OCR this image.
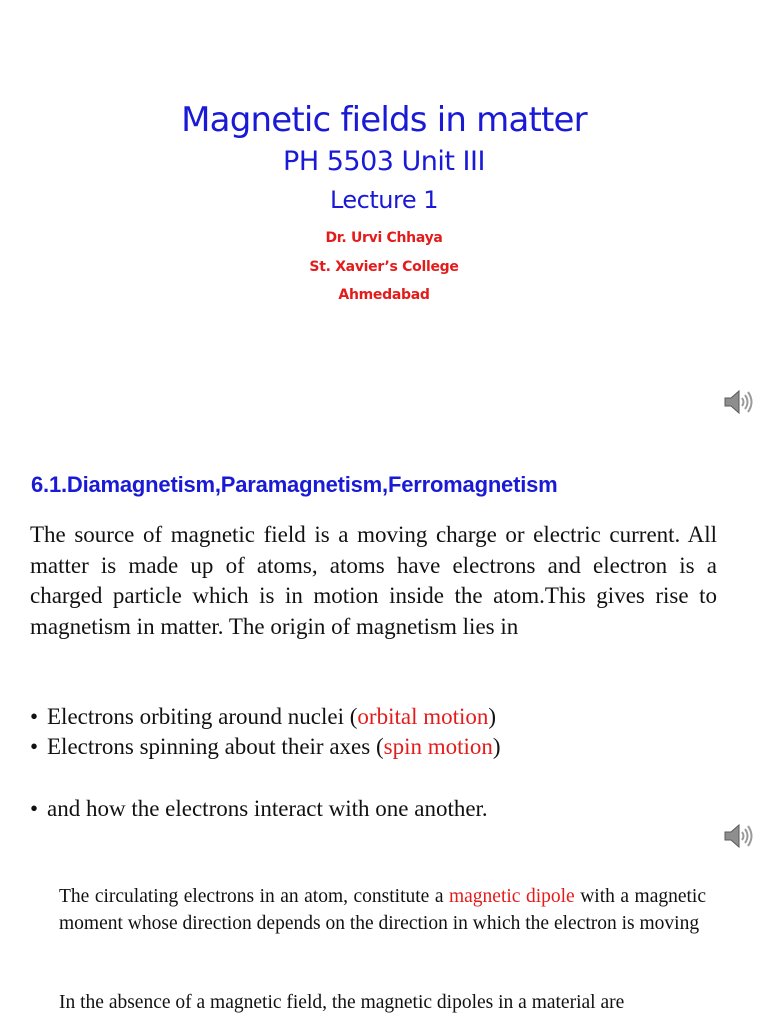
Magnetic fields in matter
PH 5503 Unit III
Lecture 1
Dr. Urvi Chhaya
St. Xavier’s College
Ahmedabad
6.1.Diamagnetism,Paramagnetism,Ferromagnetism
The source of magnetic field is a moving charge or electric current. All matter is made up of atoms, atoms have electrons and electron is a charged particle which is in motion inside the atom.This gives rise to magnetism in matter. The origin of magnetism lies in
• Electrons orbiting around nuclei (orbital motion)
• Electrons spinning about their axes (spin motion)
• and how the electrons interact with one another.
The circulating electrons in an atom, constitute a magnetic dipole with a magnetic moment whose direction depends on the direction in which the electron is moving
In the absence of a magnetic field, the magnetic dipoles in a material are
